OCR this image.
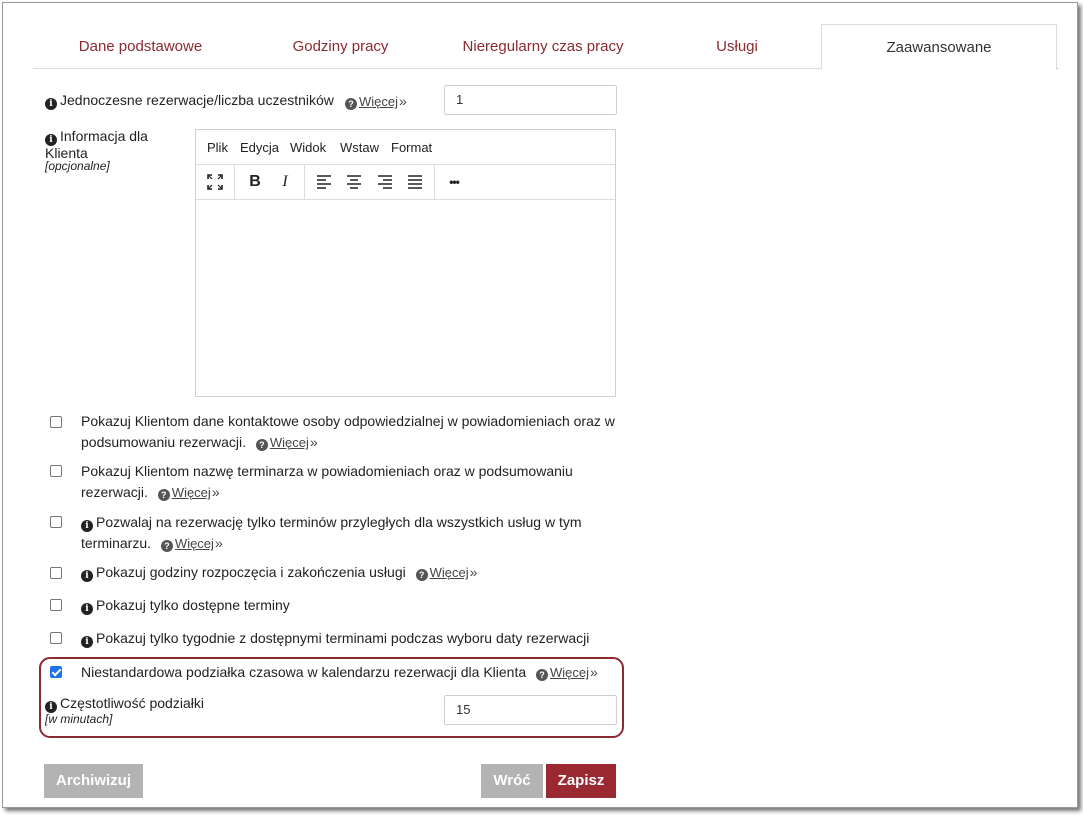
Dane podstawowe	Godziny pracy	Nieregularny czas pracy	Usługi	Zaawansowane
i Jednoczesne rezerwacje/liczba uczestników	? Więcej»	1
i Informacja dla Klienta
[opcjonalne]
Plik Edycja Widok Wstaw Format
B	I	•••
Pokazuj Klientom dane kontaktowe osoby odpowiedzialnej w powiadomieniach oraz w podsumowaniu rezerwacji. ? Więcej»
Pokazuj Klientom nazwę terminarza w powiadomieniach oraz w podsumowaniu rezerwacji. ? Więcej»
i Pozwalaj na rezerwację tylko terminów przyległych dla wszystkich usług w tym terminarzu. ? Więcej»
i Pokazuj godziny rozpoczęcia i zakończenia usługi ? Więcej»
i Pokazuj tylko dostępne terminy
i Pokazuj tylko tygodnie z dostępnymi terminami podczas wyboru daty rezerwacji
Niestandardowa podziałka czasowa w kalendarzu rezerwacji dla Klienta ? Więcej»
i Częstotliwość podziałki
[w minutach]
15
Archiwizuj	Wróć	Zapisz
